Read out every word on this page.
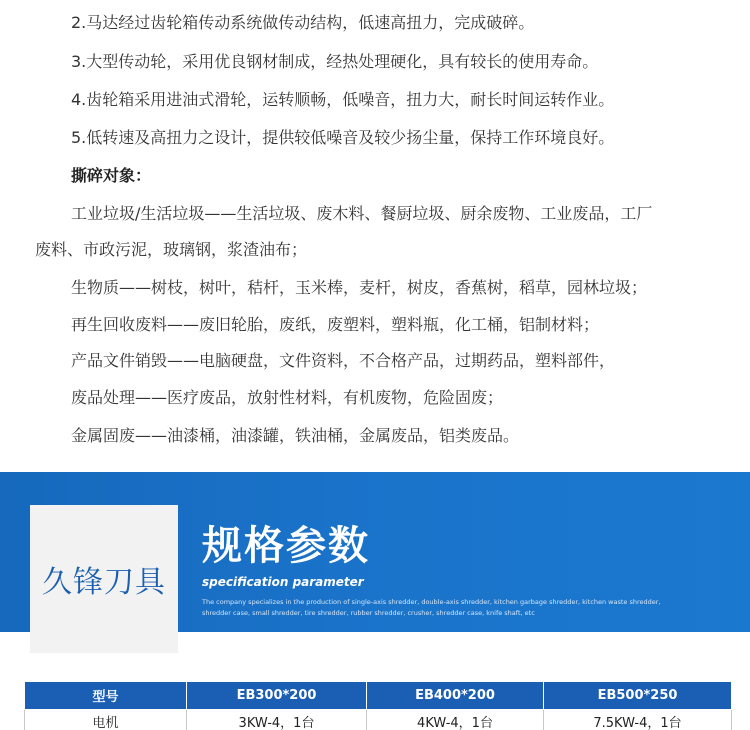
2.马达经过齿轮箱传动系统做传动结构，低速高扭力，完成破碎。
3.大型传动轮，采用优良钢材制成，经热处理硬化，具有较长的使用寿命。
4.齿轮箱采用进油式滑轮，运转顺畅，低噪音，扭力大，耐长时间运转作业。
5.低转速及高扭力之设计，提供较低噪音及较少扬尘量，保持工作环境良好。
撕碎对象：
工业垃圾/生活垃圾——生活垃圾、废木料、餐厨垃圾、厨余废物、工业废品，工厂
废料、市政污泥，玻璃钢，浆渣油布；
生物质——树枝，树叶，秸杆，玉米棒，麦杆，树皮，香蕉树，稻草，园林垃圾；
再生回收废料——废旧轮胎，废纸，废塑料，塑料瓶，化工桶，铝制材料；
产品文件销毁——电脑硬盘，文件资料，不合格产品，过期药品，塑料部件，
废品处理——医疗废品，放射性材料，有机废物，危险固废；
金属固废——油漆桶，油漆罐，铁油桶，金属废品，铝类废品。
久锋刀具
规格参数
specification parameter
The company specializes in the production of single-axis shredder, double-axis shredder, kitchen garbage shredder, kitchen waste shredder, shredder case, small shredder, tire shredder, rubber shredder, crusher, shredder case, knife shaft, etc
型号	EB300*200	EB400*200	EB500*250
电机	3KW-4，1台	4KW-4，1台	7.5KW-4，1台
